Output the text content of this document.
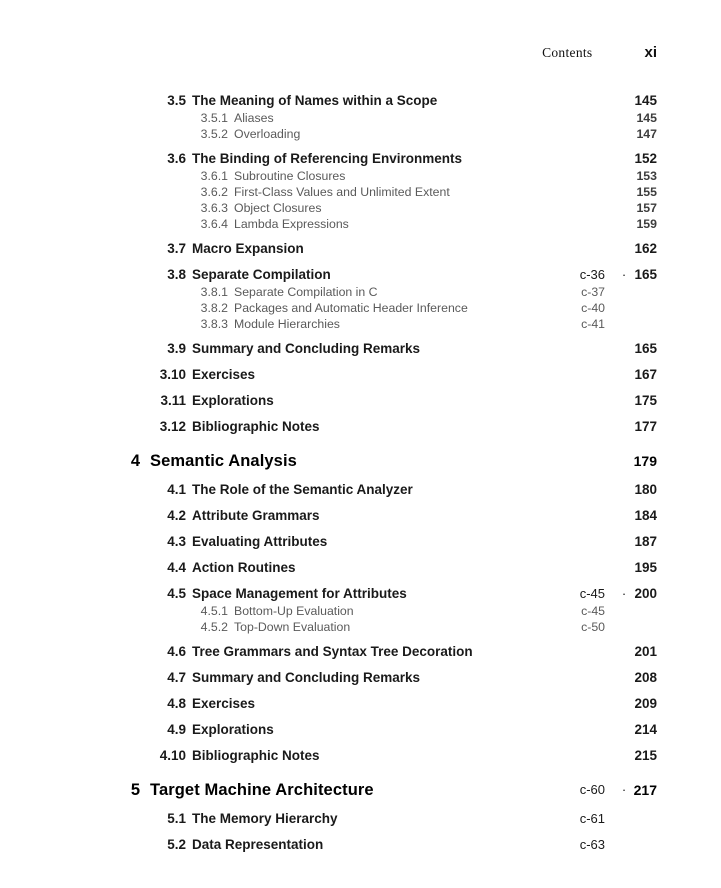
Contents	xi
3.5 The Meaning of Names within a Scope	145
3.5.1 Aliases	145
3.5.2 Overloading	147
3.6 The Binding of Referencing Environments	152
3.6.1 Subroutine Closures	153
3.6.2 First-Class Values and Unlimited Extent	155
3.6.3 Object Closures	157
3.6.4 Lambda Expressions	159
3.7 Macro Expansion	162
3.8 Separate Compilation	c-36	· 165
3.8.1 Separate Compilation in C	c-37
3.8.2 Packages and Automatic Header Inference	c-40
3.8.3 Module Hierarchies	c-41
3.9 Summary and Concluding Remarks	165
3.10 Exercises	167
3.11 Explorations	175
3.12 Bibliographic Notes	177
4 Semantic Analysis	179
4.1 The Role of the Semantic Analyzer	180
4.2 Attribute Grammars	184
4.3 Evaluating Attributes	187
4.4 Action Routines	195
4.5 Space Management for Attributes	c-45	· 200
4.5.1 Bottom-Up Evaluation	c-45
4.5.2 Top-Down Evaluation	c-50
4.6 Tree Grammars and Syntax Tree Decoration	201
4.7 Summary and Concluding Remarks	208
4.8 Exercises	209
4.9 Explorations	214
4.10 Bibliographic Notes	215
5 Target Machine Architecture	c-60	· 217
5.1 The Memory Hierarchy	c-61
5.2 Data Representation	c-63
